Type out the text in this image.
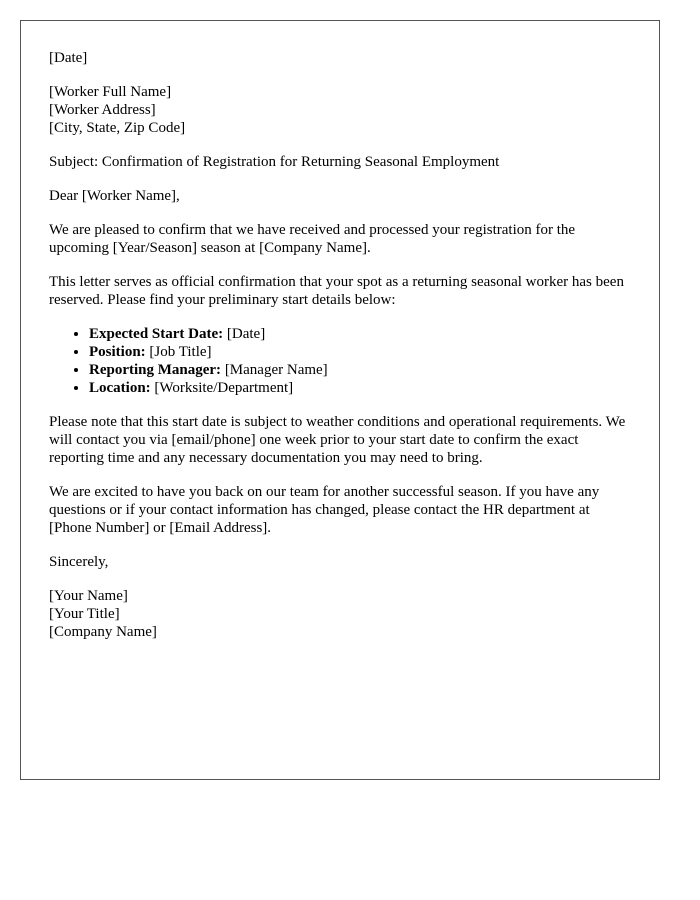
[Date]

[Worker Full Name]
[Worker Address]
[City, State, Zip Code]

Subject: Confirmation of Registration for Returning Seasonal Employment

Dear [Worker Name],

We are pleased to confirm that we have received and processed your registration for the upcoming [Year/Season] season at [Company Name].

This letter serves as official confirmation that your spot as a returning seasonal worker has been reserved. Please find your preliminary start details below:

• Expected Start Date: [Date]
• Position: [Job Title]
• Reporting Manager: [Manager Name]
• Location: [Worksite/Department]

Please note that this start date is subject to weather conditions and operational requirements. We will contact you via [email/phone] one week prior to your start date to confirm the exact reporting time and any necessary documentation you may need to bring.

We are excited to have you back on our team for another successful season. If you have any questions or if your contact information has changed, please contact the HR department at [Phone Number] or [Email Address].

Sincerely,

[Your Name]
[Your Title]
[Company Name]
